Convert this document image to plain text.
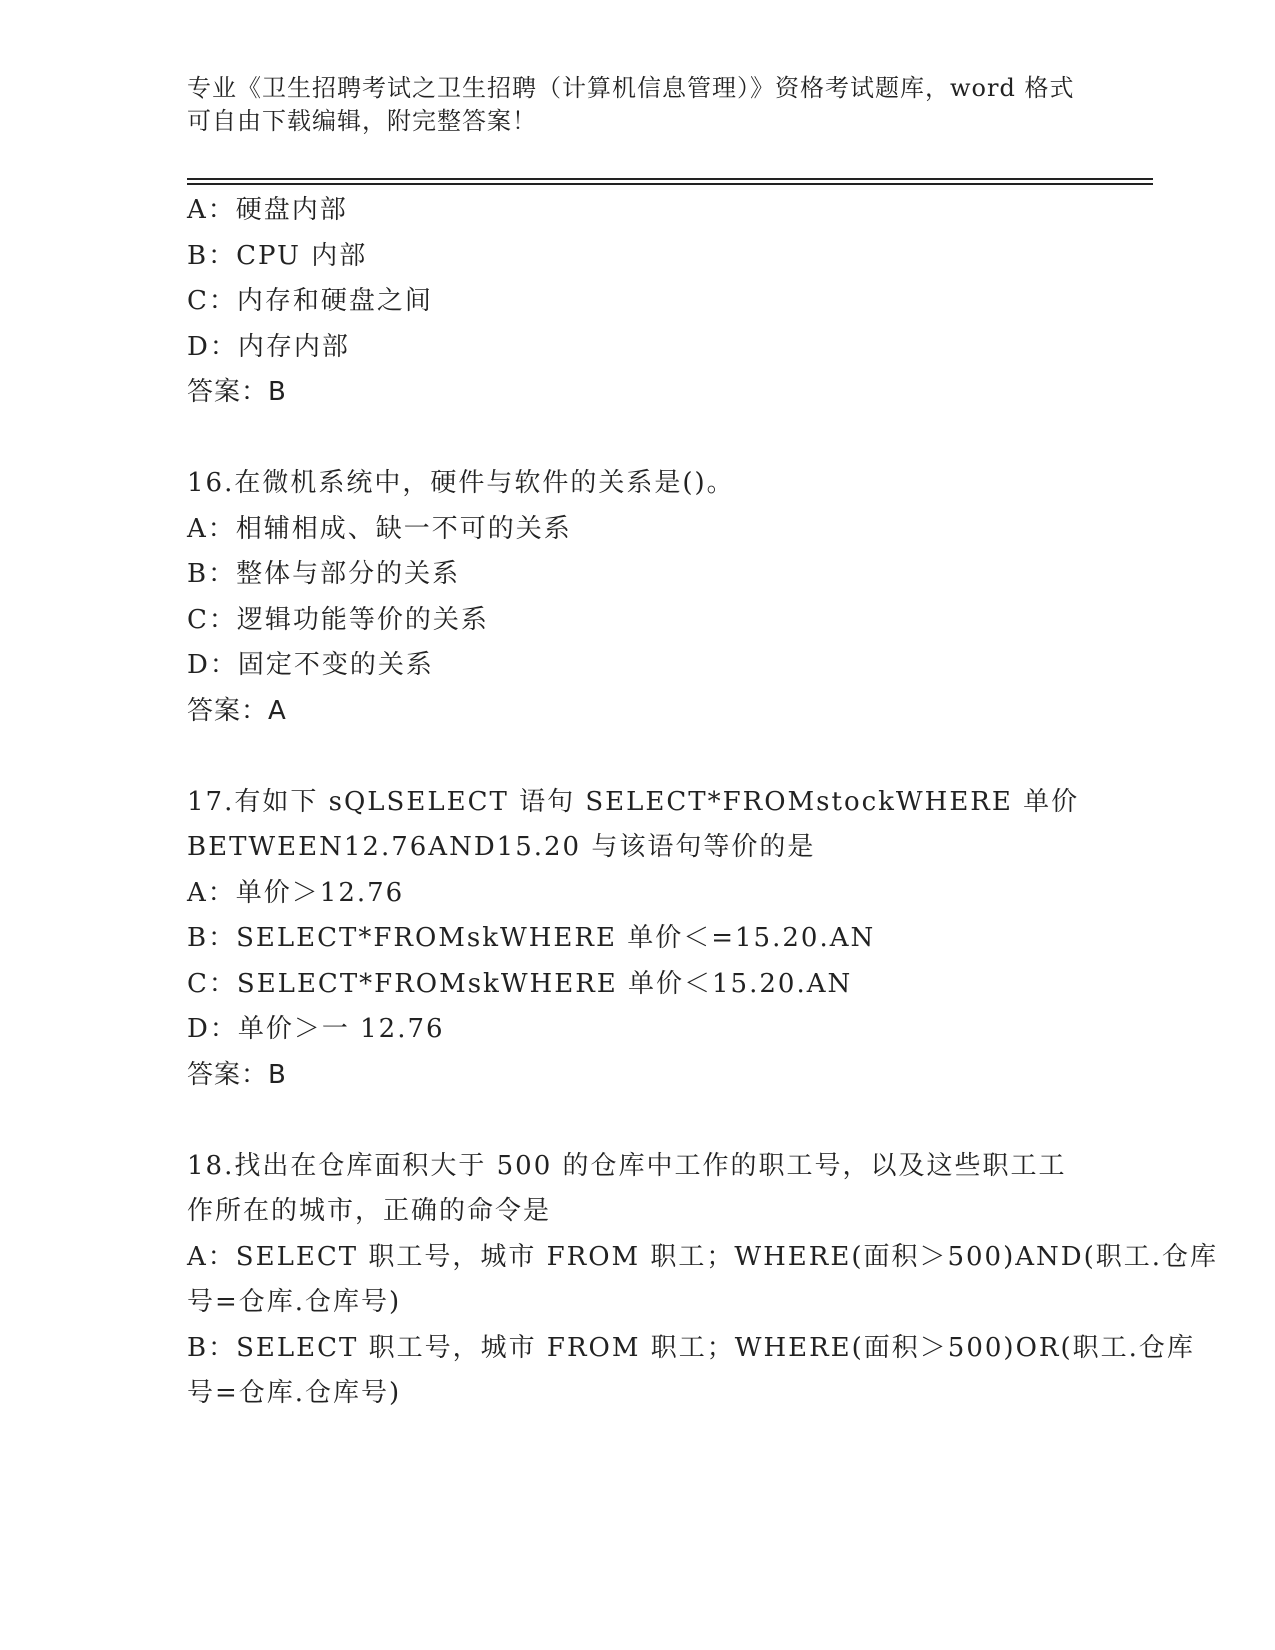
专业《卫生招聘考试之卫生招聘（计算机信息管理）》资格考试题库，word 格式
可自由下载编辑，附完整答案！
A：硬盘内部
B：CPU 内部
C：内存和硬盘之间
D：内存内部
答案：B
16.在微机系统中，硬件与软件的关系是()。
A：相辅相成、缺一不可的关系
B：整体与部分的关系
C：逻辑功能等价的关系
D：固定不变的关系
答案：A
17.有如下 sQLSELECT 语句 SELECT*FROMstockWHERE 单价
BETWEEN12.76AND15.20 与该语句等价的是
A：单价＞12.76
B：SELECT*FROMskWHERE 单价＜=15.20.AN
C：SELECT*FROMskWHERE 单价＜15.20.AN
D：单价＞一 12.76
答案：B
18.找出在仓库面积大于 500 的仓库中工作的职工号，以及这些职工工
作所在的城市，正确的命令是
A：SELECT 职工号，城市 FROM 职工；WHERE(面积＞500)AND(职工.仓库
号=仓库.仓库号)
B：SELECT 职工号，城市 FROM 职工；WHERE(面积＞500)OR(职工.仓库
号=仓库.仓库号)
